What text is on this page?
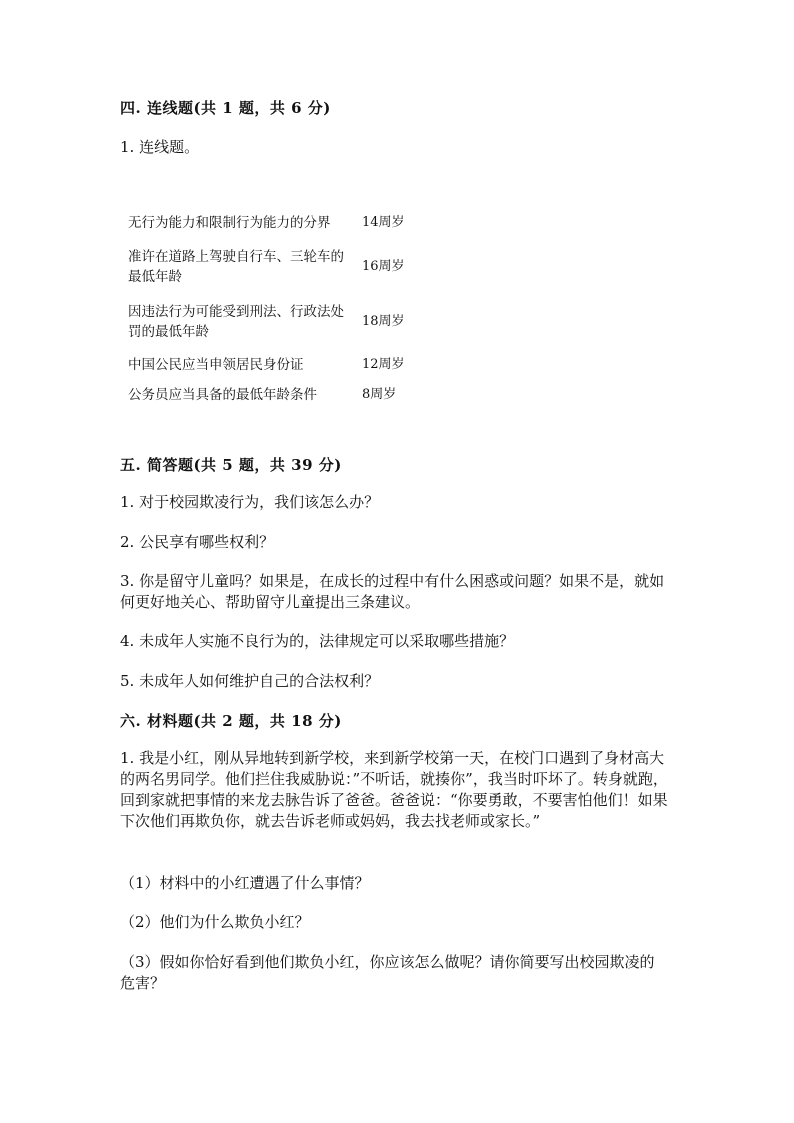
四. 连线题(共 1 题，共 6 分)
1. 连线题。
无行为能力和限制行为能力的分界
准许在道路上驾驶自行车、三轮车的最低年龄
因违法行为可能受到刑法、行政法处罚的最低年龄
中国公民应当申领居民身份证
公务员应当具备的最低年龄条件
14周岁
16周岁
18周岁
12周岁
8周岁
五. 简答题(共 5 题，共 39 分)
1. 对于校园欺凌行为，我们该怎么办？
2. 公民享有哪些权利？
3. 你是留守儿童吗？如果是，在成长的过程中有什么困惑或问题？如果不是，就如何更好地关心、帮助留守儿童提出三条建议。
4. 未成年人实施不良行为的，法律规定可以采取哪些措施？
5. 未成年人如何维护自己的合法权利？
六. 材料题(共 2 题，共 18 分)
1. 我是小红，刚从异地转到新学校，来到新学校第一天，在校门口遇到了身材高大的两名男同学。他们拦住我威胁说：”不听话，就揍你”，我当时吓坏了。转身就跑，回到家就把事情的来龙去脉告诉了爸爸。爸爸说：“你要勇敢，不要害怕他们！如果下次他们再欺负你，就去告诉老师或妈妈，我去找老师或家长。”
（1）材料中的小红遭遇了什么事情？
（2）他们为什么欺负小红？
（3）假如你恰好看到他们欺负小红，你应该怎么做呢？请你简要写出校园欺凌的危害？
